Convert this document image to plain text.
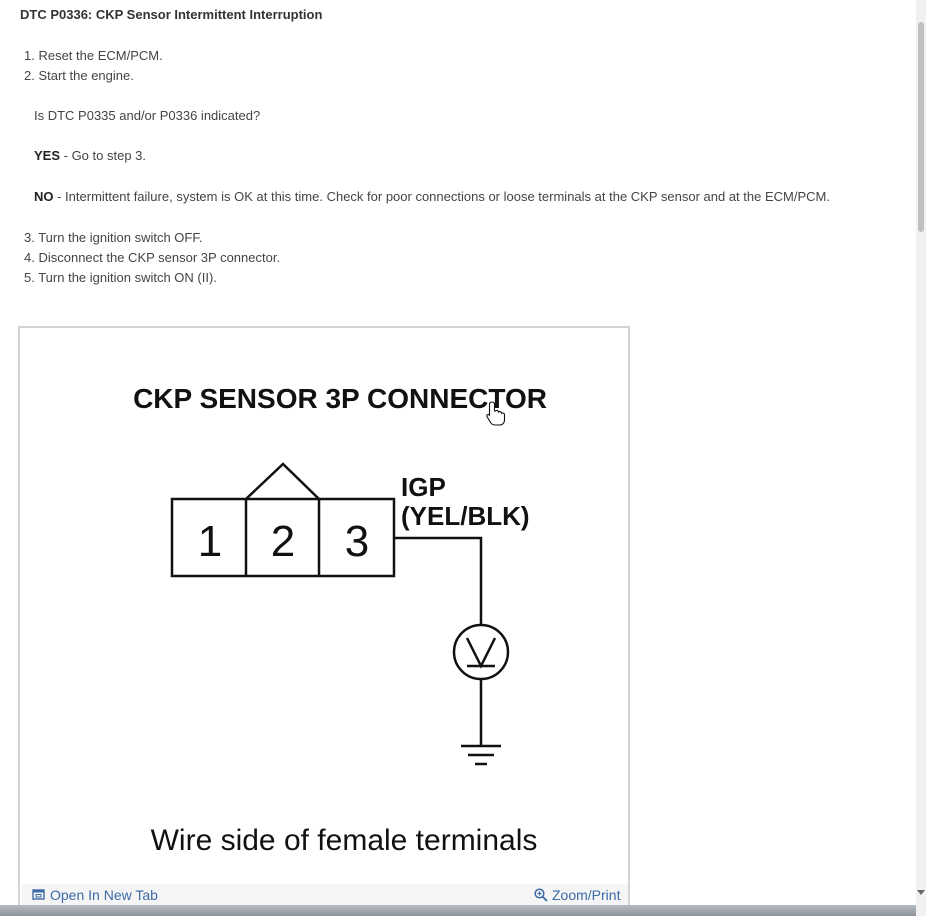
DTC P0336: CKP Sensor Intermittent Interruption
1. Reset the ECM/PCM.
2. Start the engine.
Is DTC P0335 and/or P0336 indicated?
YES - Go to step 3.
NO - Intermittent failure, system is OK at this time. Check for poor connections or loose terminals at the CKP sensor and at the ECM/PCM.
3. Turn the ignition switch OFF.
4. Disconnect the CKP sensor 3P connector.
5. Turn the ignition switch ON (II).
CKP SENSOR 3P CONNECTOR
1 2 3
IGP
(YEL/BLK)
Wire side of female terminals
Open In New Tab	Zoom/Print
